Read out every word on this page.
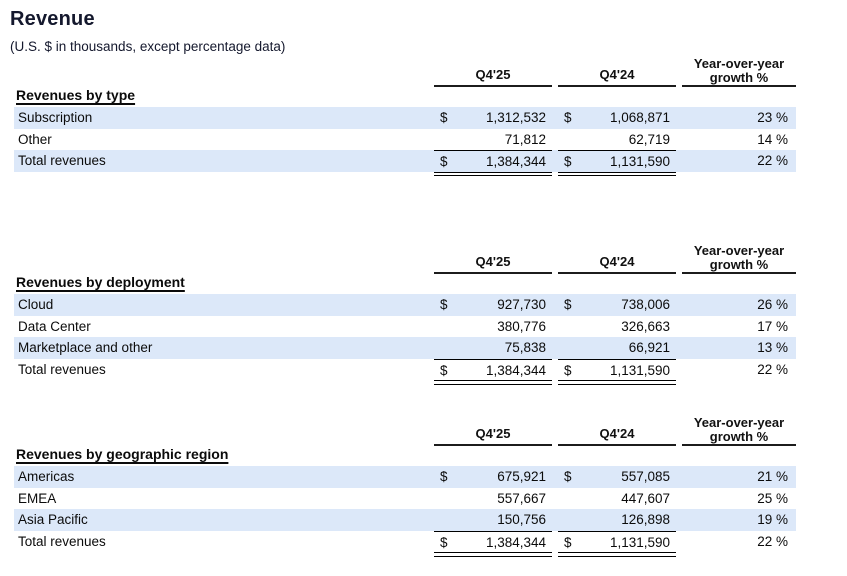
Revenue
(U.S. $ in thousands, except percentage data)
Q4'25	Q4'24
Year-over-year
growth %
Revenues by type
Subscription	$	1,312,532	$	1,068,871	23 %
Other	71,812	62,719	14 %
Total revenues	$	1,384,344	$	1,131,590	22 %
Q4'25	Q4'24
Year-over-year
growth %
Revenues by deployment
Cloud	$	927,730	$	738,006	26 %
Data Center	380,776	326,663	17 %
Marketplace and other	75,838	66,921	13 %
Total revenues	$	1,384,344	$	1,131,590	22 %
Q4'25	Q4'24
Year-over-year
growth %
Revenues by geographic region
Americas	$	675,921	$	557,085	21 %
EMEA	557,667	447,607	25 %
Asia Pacific	150,756	126,898	19 %
Total revenues	$	1,384,344	$	1,131,590	22 %
